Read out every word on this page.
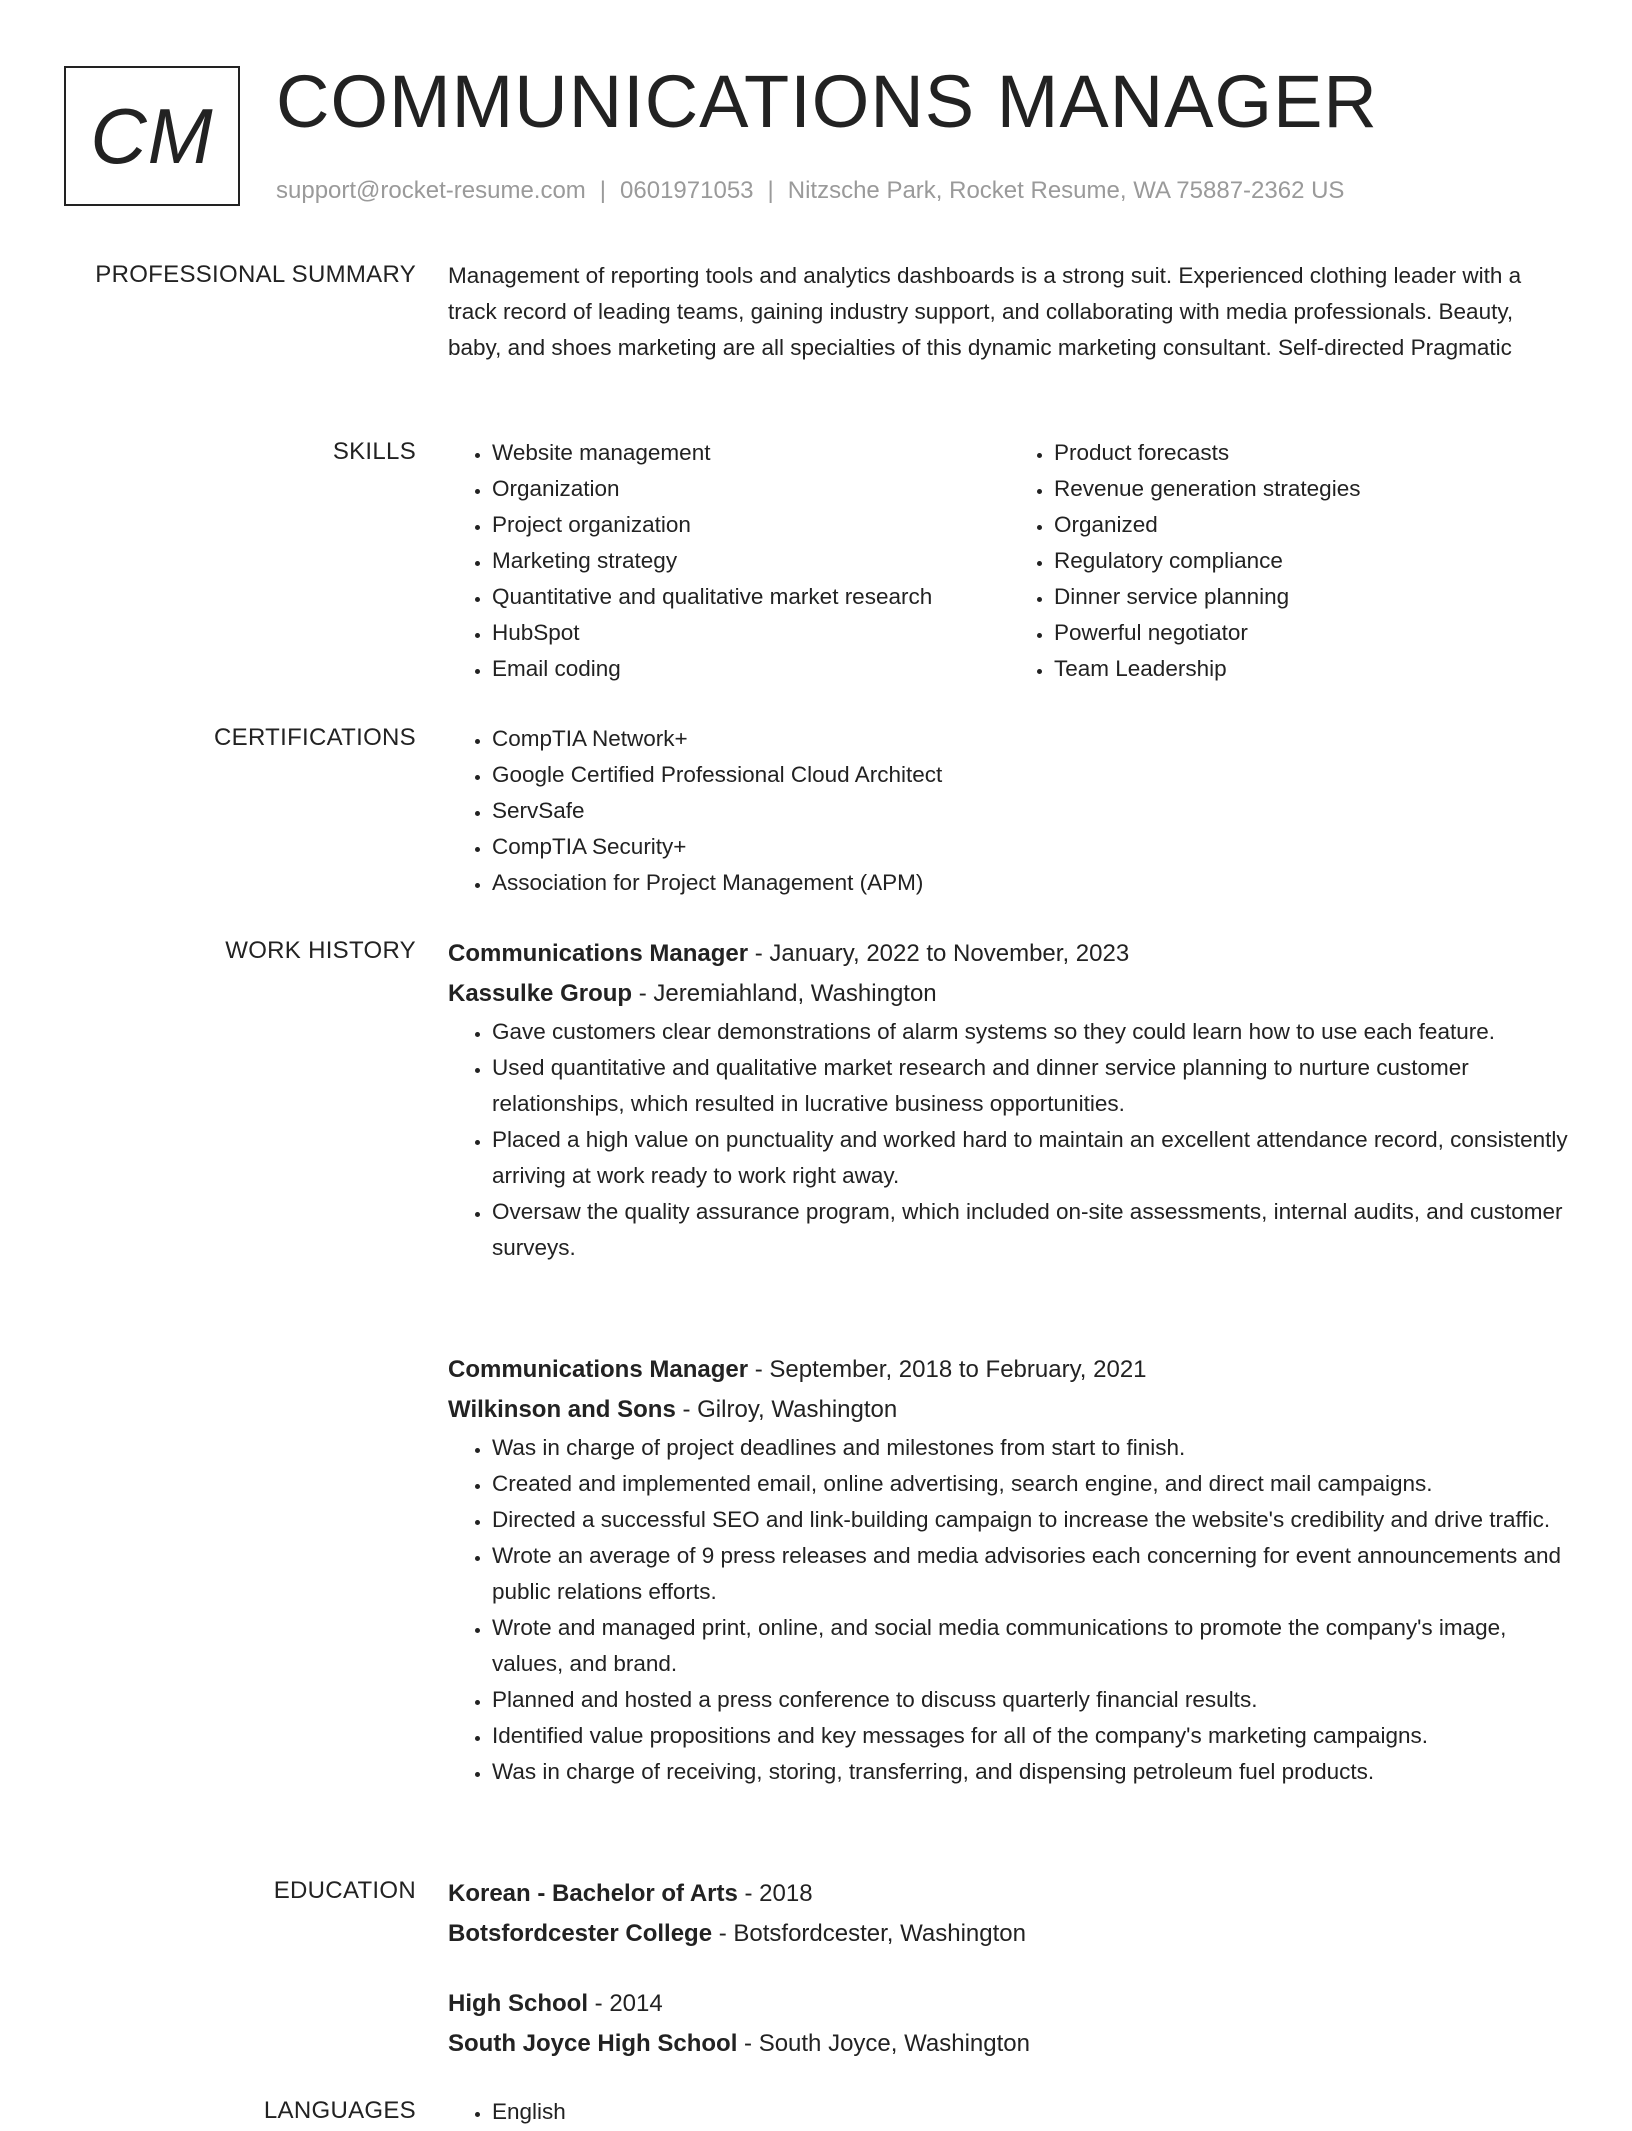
CM COMMUNICATIONS MANAGER
support@rocket-resume.com | 0601971053 | Nitzsche Park, Rocket Resume, WA 75887-2362 US
PROFESSIONAL SUMMARY Management of reporting tools and analytics dashboards is a strong suit. Experienced clothing leader with a track record of leading teams, gaining industry support, and collaborating with media professionals. Beauty, baby, and shoes marketing are all specialties of this dynamic marketing consultant. Self-directed Pragmatic

SKILLS	• Website management
• Organization
• Project organization
• Marketing strategy
• Quantitative and qualitative market research
• HubSpot
• Email coding
• Product forecasts
• Revenue generation strategies
• Organized
• Regulatory compliance
• Dinner service planning
• Powerful negotiator
• Team Leadership
CERTIFICATIONS	• CompTIA Network+
• Google Certified Professional Cloud Architect
• ServSafe
• CompTIA Security+
• Association for Project Management (APM)
WORK HISTORY Communications Manager - January, 2022 to November, 2023
Kassulke Group - Jeremiahland, Washington
• Gave customers clear demonstrations of alarm systems so they could learn how to use each feature.
• Used quantitative and qualitative market research and dinner service planning to nurture customer relationships, which resulted in lucrative business opportunities.
• Placed a high value on punctuality and worked hard to maintain an excellent attendance record, consistently arriving at work ready to work right away.
• Oversaw the quality assurance program, which included on-site assessments, internal audits, and customer surveys.
Communications Manager - September, 2018 to February, 2021
Wilkinson and Sons - Gilroy, Washington
• Was in charge of project deadlines and milestones from start to finish.
• Created and implemented email, online advertising, search engine, and direct mail campaigns.
• Directed a successful SEO and link-building campaign to increase the website's credibility and drive traffic.
• Wrote an average of 9 press releases and media advisories each concerning for event announcements and public relations efforts.
• Wrote and managed print, online, and social media communications to promote the company's image, values, and brand.
• Planned and hosted a press conference to discuss quarterly financial results.
• Identified value propositions and key messages for all of the company's marketing campaigns.
• Was in charge of receiving, storing, transferring, and dispensing petroleum fuel products.
EDUCATION Korean - Bachelor of Arts - 2018
Botsfordcester College - Botsfordcester, Washington
High School - 2014
South Joyce High School - South Joyce, Washington
LANGUAGES	• English
